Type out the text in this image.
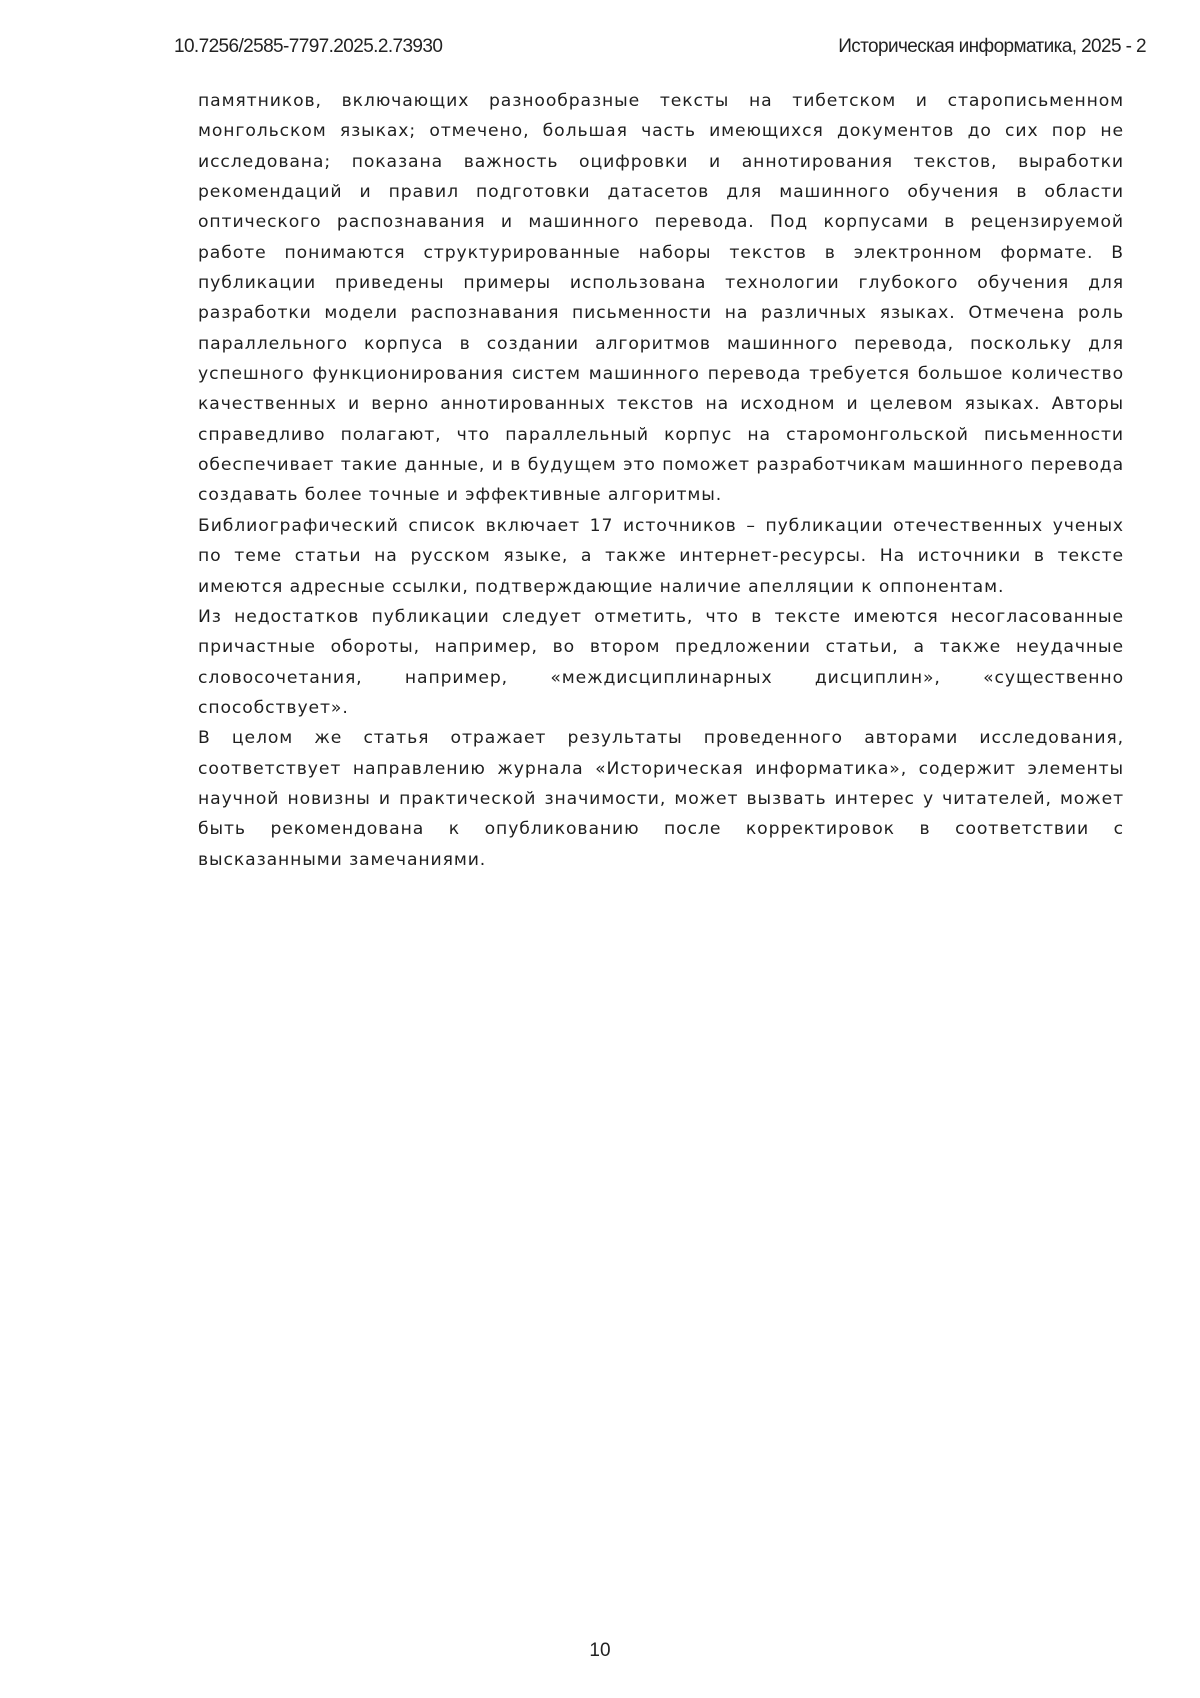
10.7256/2585-7797.2025.2.73930	Историческая информатика, 2025 - 2

памятников, включающих разнообразные тексты на тибетском и старописьменном монгольском языках; отмечено, большая часть имеющихся документов до сих пор не исследована; показана важность оцифровки и аннотирования текстов, выработки рекомендаций и правил подготовки датасетов для машинного обучения в области оптического распознавания и машинного перевода. Под корпусами в рецензируемой работе понимаются структурированные наборы текстов в электронном формате. В публикации приведены примеры использована технологии глубокого обучения для разработки модели распознавания письменности на различных языках. Отмечена роль параллельного корпуса в создании алгоритмов машинного перевода, поскольку для успешного функционирования систем машинного перевода требуется большое количество качественных и верно аннотированных текстов на исходном и целевом языках. Авторы справедливо полагают, что параллельный корпус на старомонгольской письменности обеспечивает такие данные, и в будущем это поможет разработчикам машинного перевода создавать более точные и эффективные алгоритмы.

Библиографический список включает 17 источников – публикации отечественных ученых по теме статьи на русском языке, а также интернет-ресурсы. На источники в тексте имеются адресные ссылки, подтверждающие наличие апелляции к оппонентам.

Из недостатков публикации следует отметить, что в тексте имеются несогласованные причастные обороты, например, во втором предложении статьи, а также неудачные словосочетания, например, «междисциплинарных дисциплин», «существенно способствует».

В целом же статья отражает результаты проведенного авторами исследования, соответствует направлению журнала «Историческая информатика», содержит элементы научной новизны и практической значимости, может вызвать интерес у читателей, может быть рекомендована к опубликованию после корректировок в соответствии с высказанными замечаниями.

10
